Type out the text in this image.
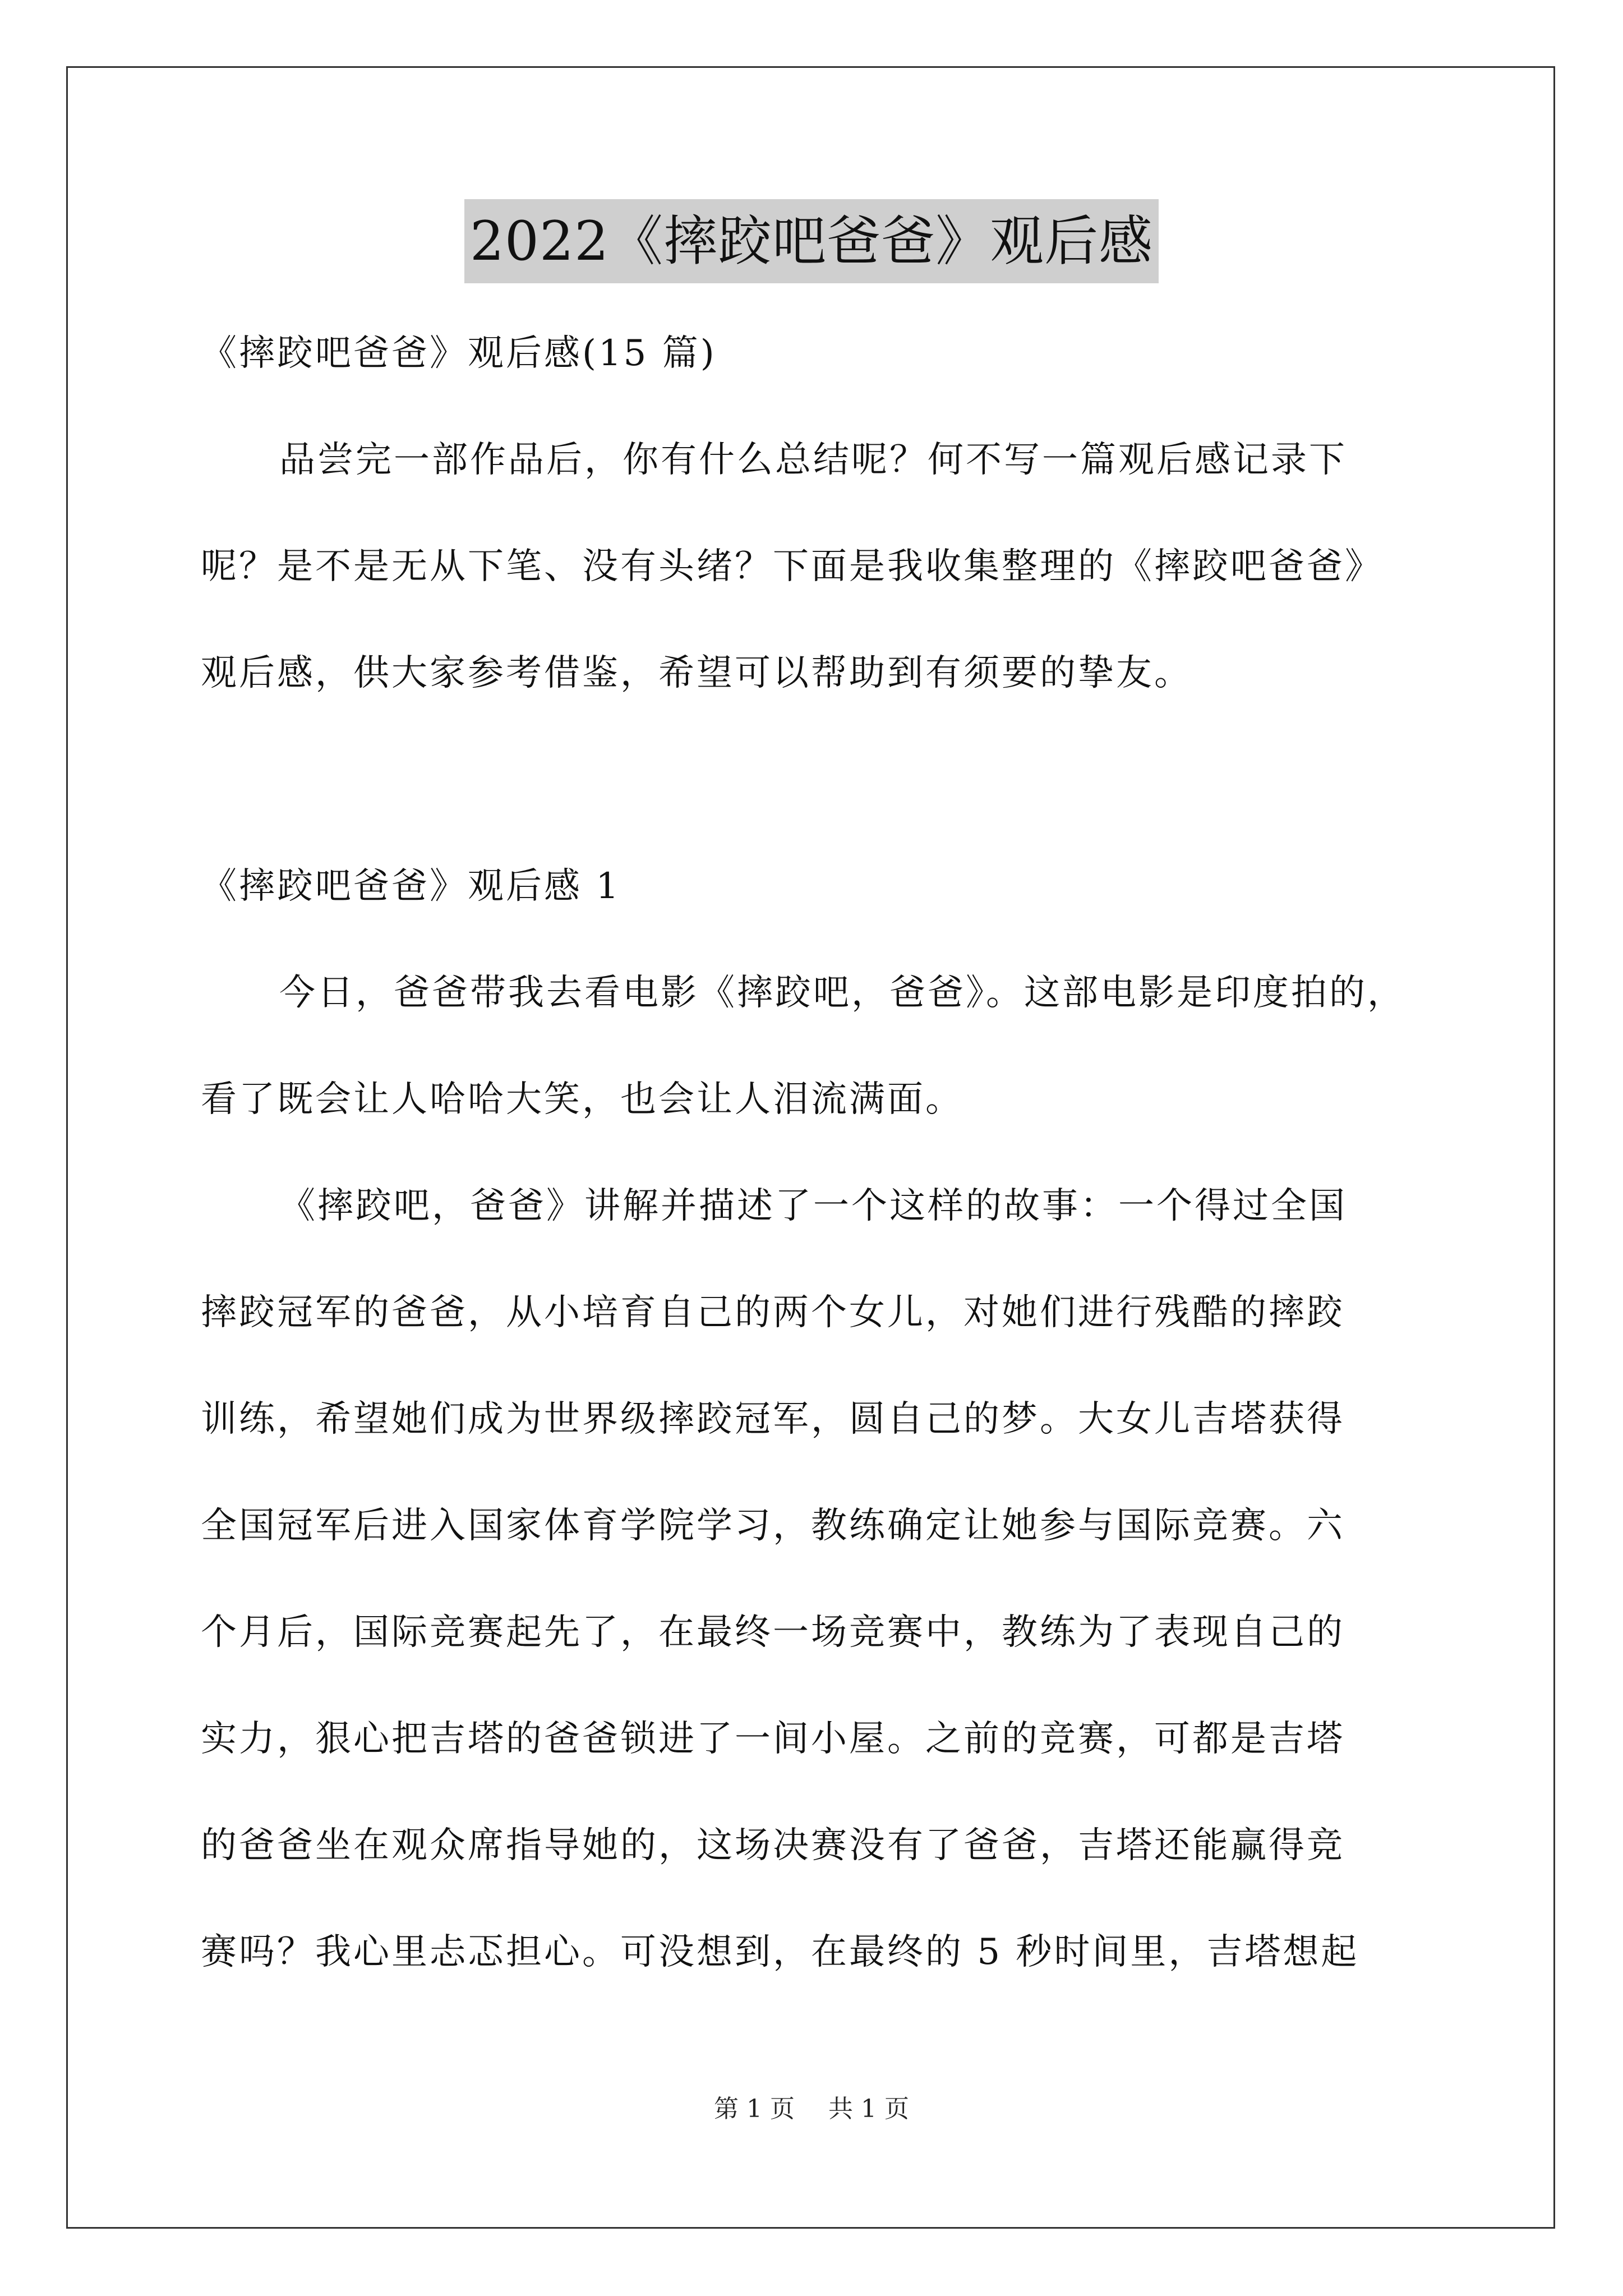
2022《摔跤吧爸爸》观后感
《摔跤吧爸爸》观后感(15 篇)
品尝完一部作品后，你有什么总结呢？何不写一篇观后感记录下
呢？是不是无从下笔、没有头绪？下面是我收集整理的《摔跤吧爸爸》
观后感，供大家参考借鉴，希望可以帮助到有须要的挚友。
《摔跤吧爸爸》观后感 1
今日，爸爸带我去看电影《摔跤吧，爸爸》。这部电影是印度拍的，
看了既会让人哈哈大笑，也会让人泪流满面。
《摔跤吧，爸爸》讲解并描述了一个这样的故事：一个得过全国
摔跤冠军的爸爸，从小培育自己的两个女儿，对她们进行残酷的摔跤
训练，希望她们成为世界级摔跤冠军，圆自己的梦。大女儿吉塔获得
全国冠军后进入国家体育学院学习，教练确定让她参与国际竞赛。六
个月后，国际竞赛起先了，在最终一场竞赛中，教练为了表现自己的
实力，狠心把吉塔的爸爸锁进了一间小屋。之前的竞赛，可都是吉塔
的爸爸坐在观众席指导她的，这场决赛没有了爸爸，吉塔还能赢得竞
赛吗？我心里忐忑担心。可没想到，在最终的 5 秒时间里，吉塔想起
第 1 页 共 1 页
